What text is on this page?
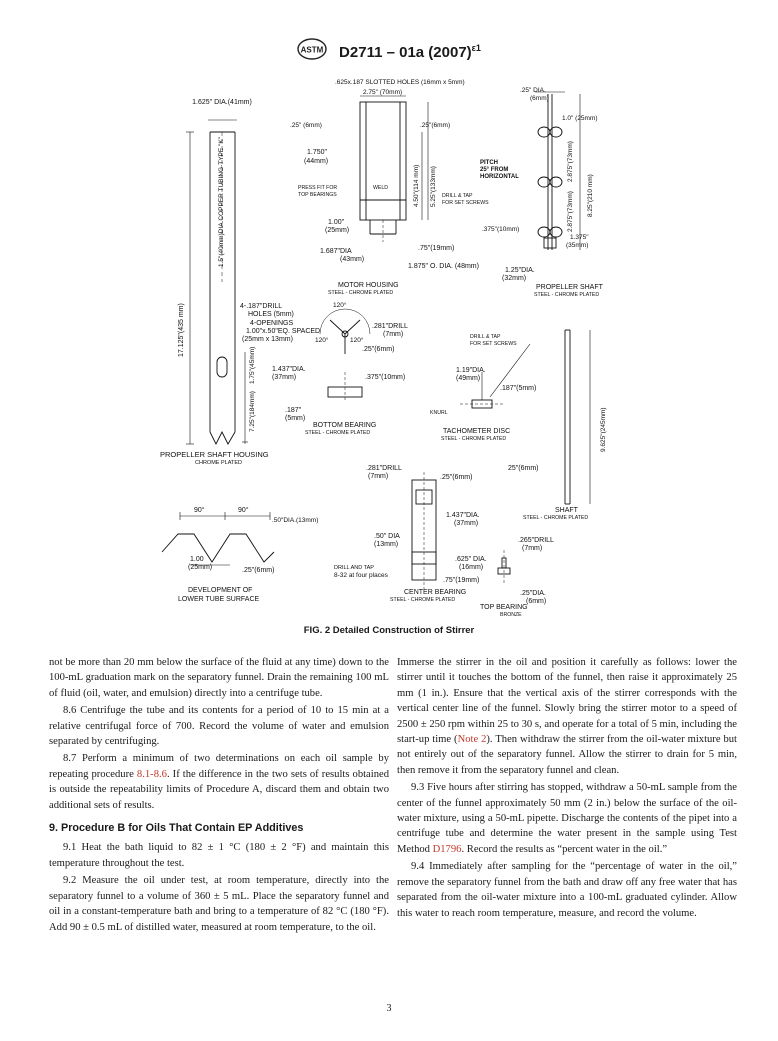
ASTM D2711 – 01a $(2007)^{\varepsilon 1}$
1.625" DIA.(41mm)
1.5"(40mm)DIA.COPPER TUBING-TYPE "K"
17.125"(435 mm)	4-.187"DRILL
HOLES (5mm)
4-OPENINGS
1.00"x.50"EQ. SPACED
(25mm x 13mm)
1.75"(45mm)
7.25"(184mm)
PROPELLER SHAFT HOUSING
CHROME PLATED
.625x.187 SLOTTED HOLES (16mm x 5mm)
2.75" (70mm)
.25" (6mm)	.25"(6mm)
1.750"
(44mm)
PRESS FIT FOR
TOP BEARINGS
WELD	4.50"(114 mm) 5.25"(133mm) DRILL & TAP
FOR SET SCREWS
1.00"
(25mm)
1.687"DIA
(43mm)
.75"(19mm)
1.875" O. DIA. (48mm)
MOTOR HOUSING
STEEL - CHROME PLATED
.25" DIA.
(6mm)
1.0" (25mm)
PITCH
25° FROM
HORIZONTAL	2.875"(73mm)
2.875"(73mm) 8.25"(210 mm)
.375"(10mm)
1.375"
(35mm)
1.25"DIA.
(32mm)
PROPELLER SHAFT
STEEL - CHROME PLATED
120°
120°	120°
.281"DRILL
(7mm)
.25"(6mm)
1.437"DIA.
(37mm)	.375"(10mm)
.187"
(5mm)
BOTTOM BEARING
STEEL - CHROME PLATED
DRILL & TAP
FOR SET SCREWS
1.19"DIA.
(49mm)
.187"(5mm)
KNURL
TACHOMETER DISC
STEEL - CHROME PLATED	9.625"(245mm)
25"(6mm)
SHAFT
STEEL - CHROME PLATED
.281"DRILL
(7mm)	.25"(6mm)
1.437"DIA.
(37mm)
.50" DIA
(13mm)
DRILL AND TAP
8-32 at four places
.75"(19mm)
CENTER BEARING
STEEL - CHROME PLATED
90°	90°
.50"DIA.(13mm)
1.00
(25mm)	.25"(6mm)
DEVELOPMENT OF
LOWER TUBE SURFACE
.265"DRILL
(7mm)
.625" DIA.
(16mm)
.25"DIA.
(6mm)
TOP BEARING
BRONZE
FIG. 2 Detailed Construction of Stirrer

not be more than 20 mm below the surface of the fluid at any time) down to the 100-mL graduation mark on the separatory funnel. Drain the remaining 100 mL of fluid (oil, water, and emulsion) directly into a centrifuge tube.

8.6 Centrifuge the tube and its contents for a period of 10 to 15 min at a relative centrifugal force of 700. Record the volume of water and emulsion separated by centrifuging.

8.7 Perform a minimum of two determinations on each oil sample by repeating procedure 8.1-8.6. If the difference in the two sets of results obtained is outside the repeatability limits of Procedure A, discard them and obtain two additional sets of results.

9. Procedure B for Oils That Contain EP Additives

9.1 Heat the bath liquid to 82 ± 1 °C (180 ± 2 °F) and maintain this temperature throughout the test.

9.2 Measure the oil under test, at room temperature, directly into the separatory funnel to a volume of 360 ± 5 mL. Place the separatory funnel and oil in a constant-temperature bath and bring to a temperature of 82 °C (180 °F). Add 90 ± 0.5 mL of distilled water, measured at room temperature, to the oil.

Immerse the stirrer in the oil and position it carefully as follows: lower the stirrer until it touches the bottom of the funnel, then raise it approximately 25 mm (1 in.). Ensure that the vertical axis of the stirrer corresponds with the vertical center line of the funnel. Slowly bring the stirrer motor to a speed of 2500 ± 250 rpm within 25 to 30 s, and operate for a total of 5 min, including the start-up time (Note 2). Then withdraw the stirrer from the oil-water mixture but not entirely out of the separatory funnel. Allow the stirrer to drain for 5 min, then remove it from the separatory funnel and clean.

9.3 Five hours after stirring has stopped, withdraw a 50-mL sample from the center of the funnel approximately 50 mm (2 in.) below the surface of the oil-water mixture, using a 50-mL pipette. Discharge the contents of the pipet into a centrifuge tube and determine the water present in the sample using Test Method D1796. Record the results as “percent water in the oil.”

9.4 Immediately after sampling for the “percentage of water in the oil,” remove the separatory funnel from the bath and draw off any free water that has separated from the oil-water mixture into a 100-mL graduated cylinder. Allow this water to reach room temperature, measure, and record the volume.

3
